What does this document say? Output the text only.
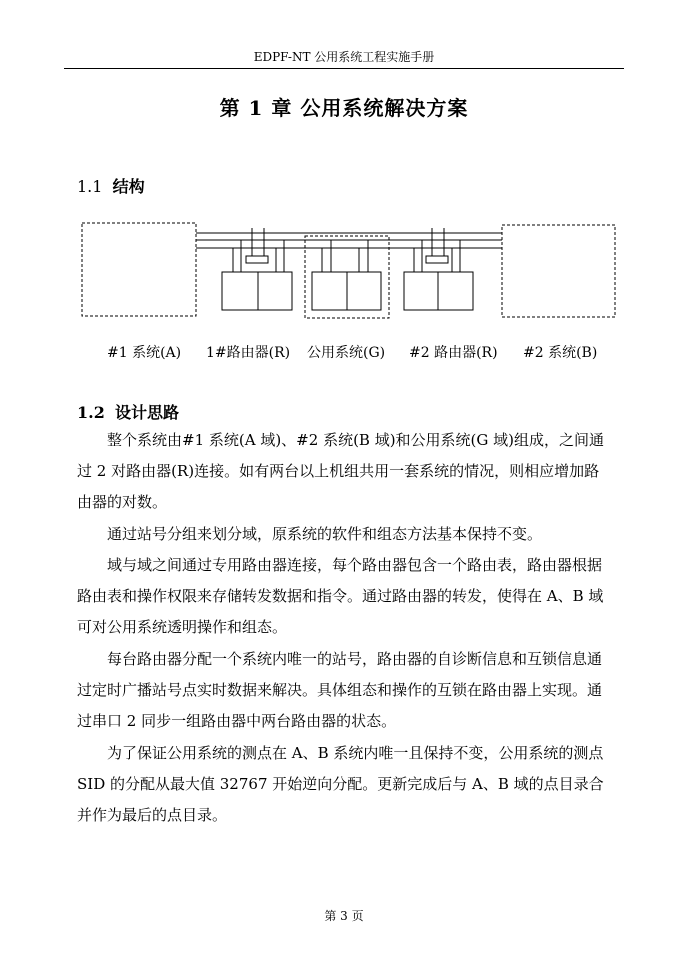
EDPF-NT 公用系统工程实施手册
第 1 章 公用系统解决方案
1.1 结构
#1 系统(A) 1#路由器(R) 公用系统(G) #2 路由器(R) #2 系统(B)
1.2 设计思路
整个系统由#1 系统(A 域)、#2 系统(B 域)和公用系统(G 域)组成，之间通过 2 对路由器(R)连接。如有两台以上机组共用一套系统的情况，则相应增加路由器的对数。
通过站号分组来划分域，原系统的软件和组态方法基本保持不变。
域与域之间通过专用路由器连接，每个路由器包含一个路由表，路由器根据路由表和操作权限来存储转发数据和指令。通过路由器的转发，使得在 A、B 域可对公用系统透明操作和组态。
每台路由器分配一个系统内唯一的站号，路由器的自诊断信息和互锁信息通过定时广播站号点实时数据来解决。具体组态和操作的互锁在路由器上实现。通过串口 2 同步一组路由器中两台路由器的状态。
为了保证公用系统的测点在 A、B 系统内唯一且保持不变，公用系统的测点 SID 的分配从最大值 32767 开始逆向分配。更新完成后与 A、B 域的点目录合并作为最后的点目录。
第 3 页
